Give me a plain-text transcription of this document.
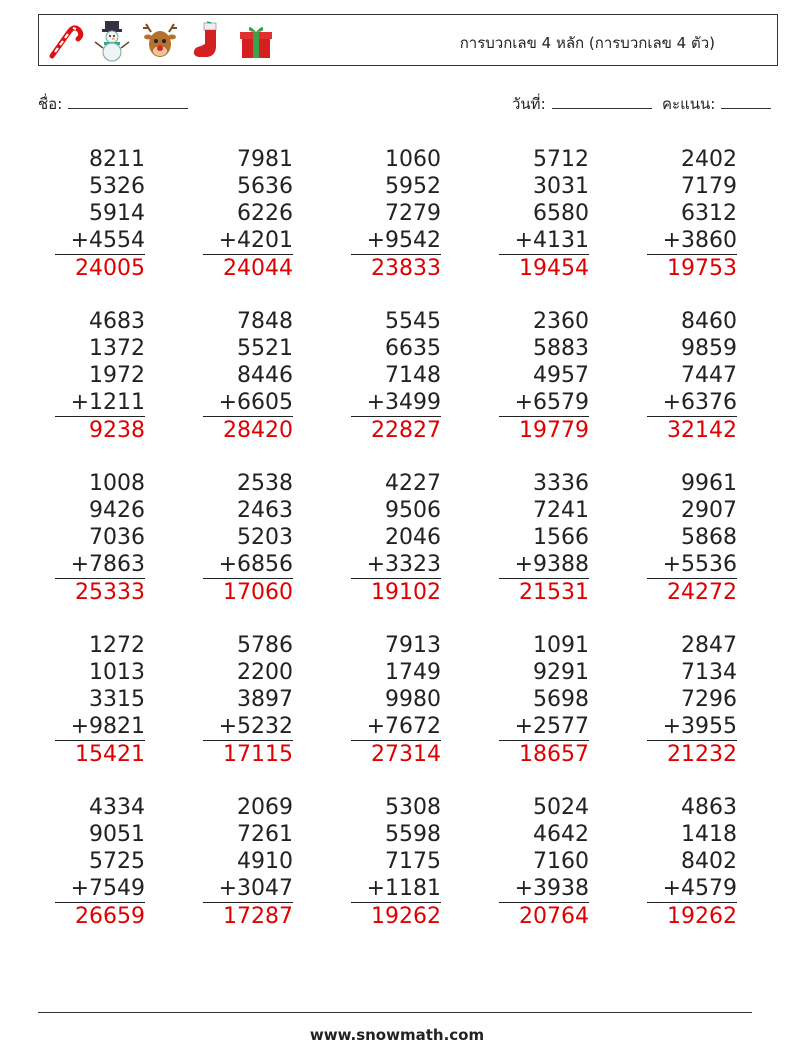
การบวกเลข 4 หลัก (การบวกเลข 4 ตัว)
ชื่อ:	วันที่:	คะแนน:
8211
5326
5914
+4554
24005
7981
5636
6226
+4201
24044
1060
5952
7279
+9542
23833
5712
3031
6580
+4131
19454
2402
7179
6312
+3860
19753
4683
1372
1972
+1211
9238
7848
5521
8446
+6605
28420
5545
6635
7148
+3499
22827
2360
5883
4957
+6579
19779
8460
9859
7447
+6376
32142
1008
9426
7036
+7863
25333
2538
2463
5203
+6856
17060
4227
9506
2046
+3323
19102
3336
7241
1566
+9388
21531
9961
2907
5868
+5536
24272
1272
1013
3315
+9821
15421
5786
2200
3897
+5232
17115
7913
1749
9980
+7672
27314
1091
9291
5698
+2577
18657
2847
7134
7296
+3955
21232
4334
9051
5725
+7549
26659
2069
7261
4910
+3047
17287
5308
5598
7175
+1181
19262
5024
4642
7160
+3938
20764
4863
1418
8402
+4579
19262
www.snowmath.com
